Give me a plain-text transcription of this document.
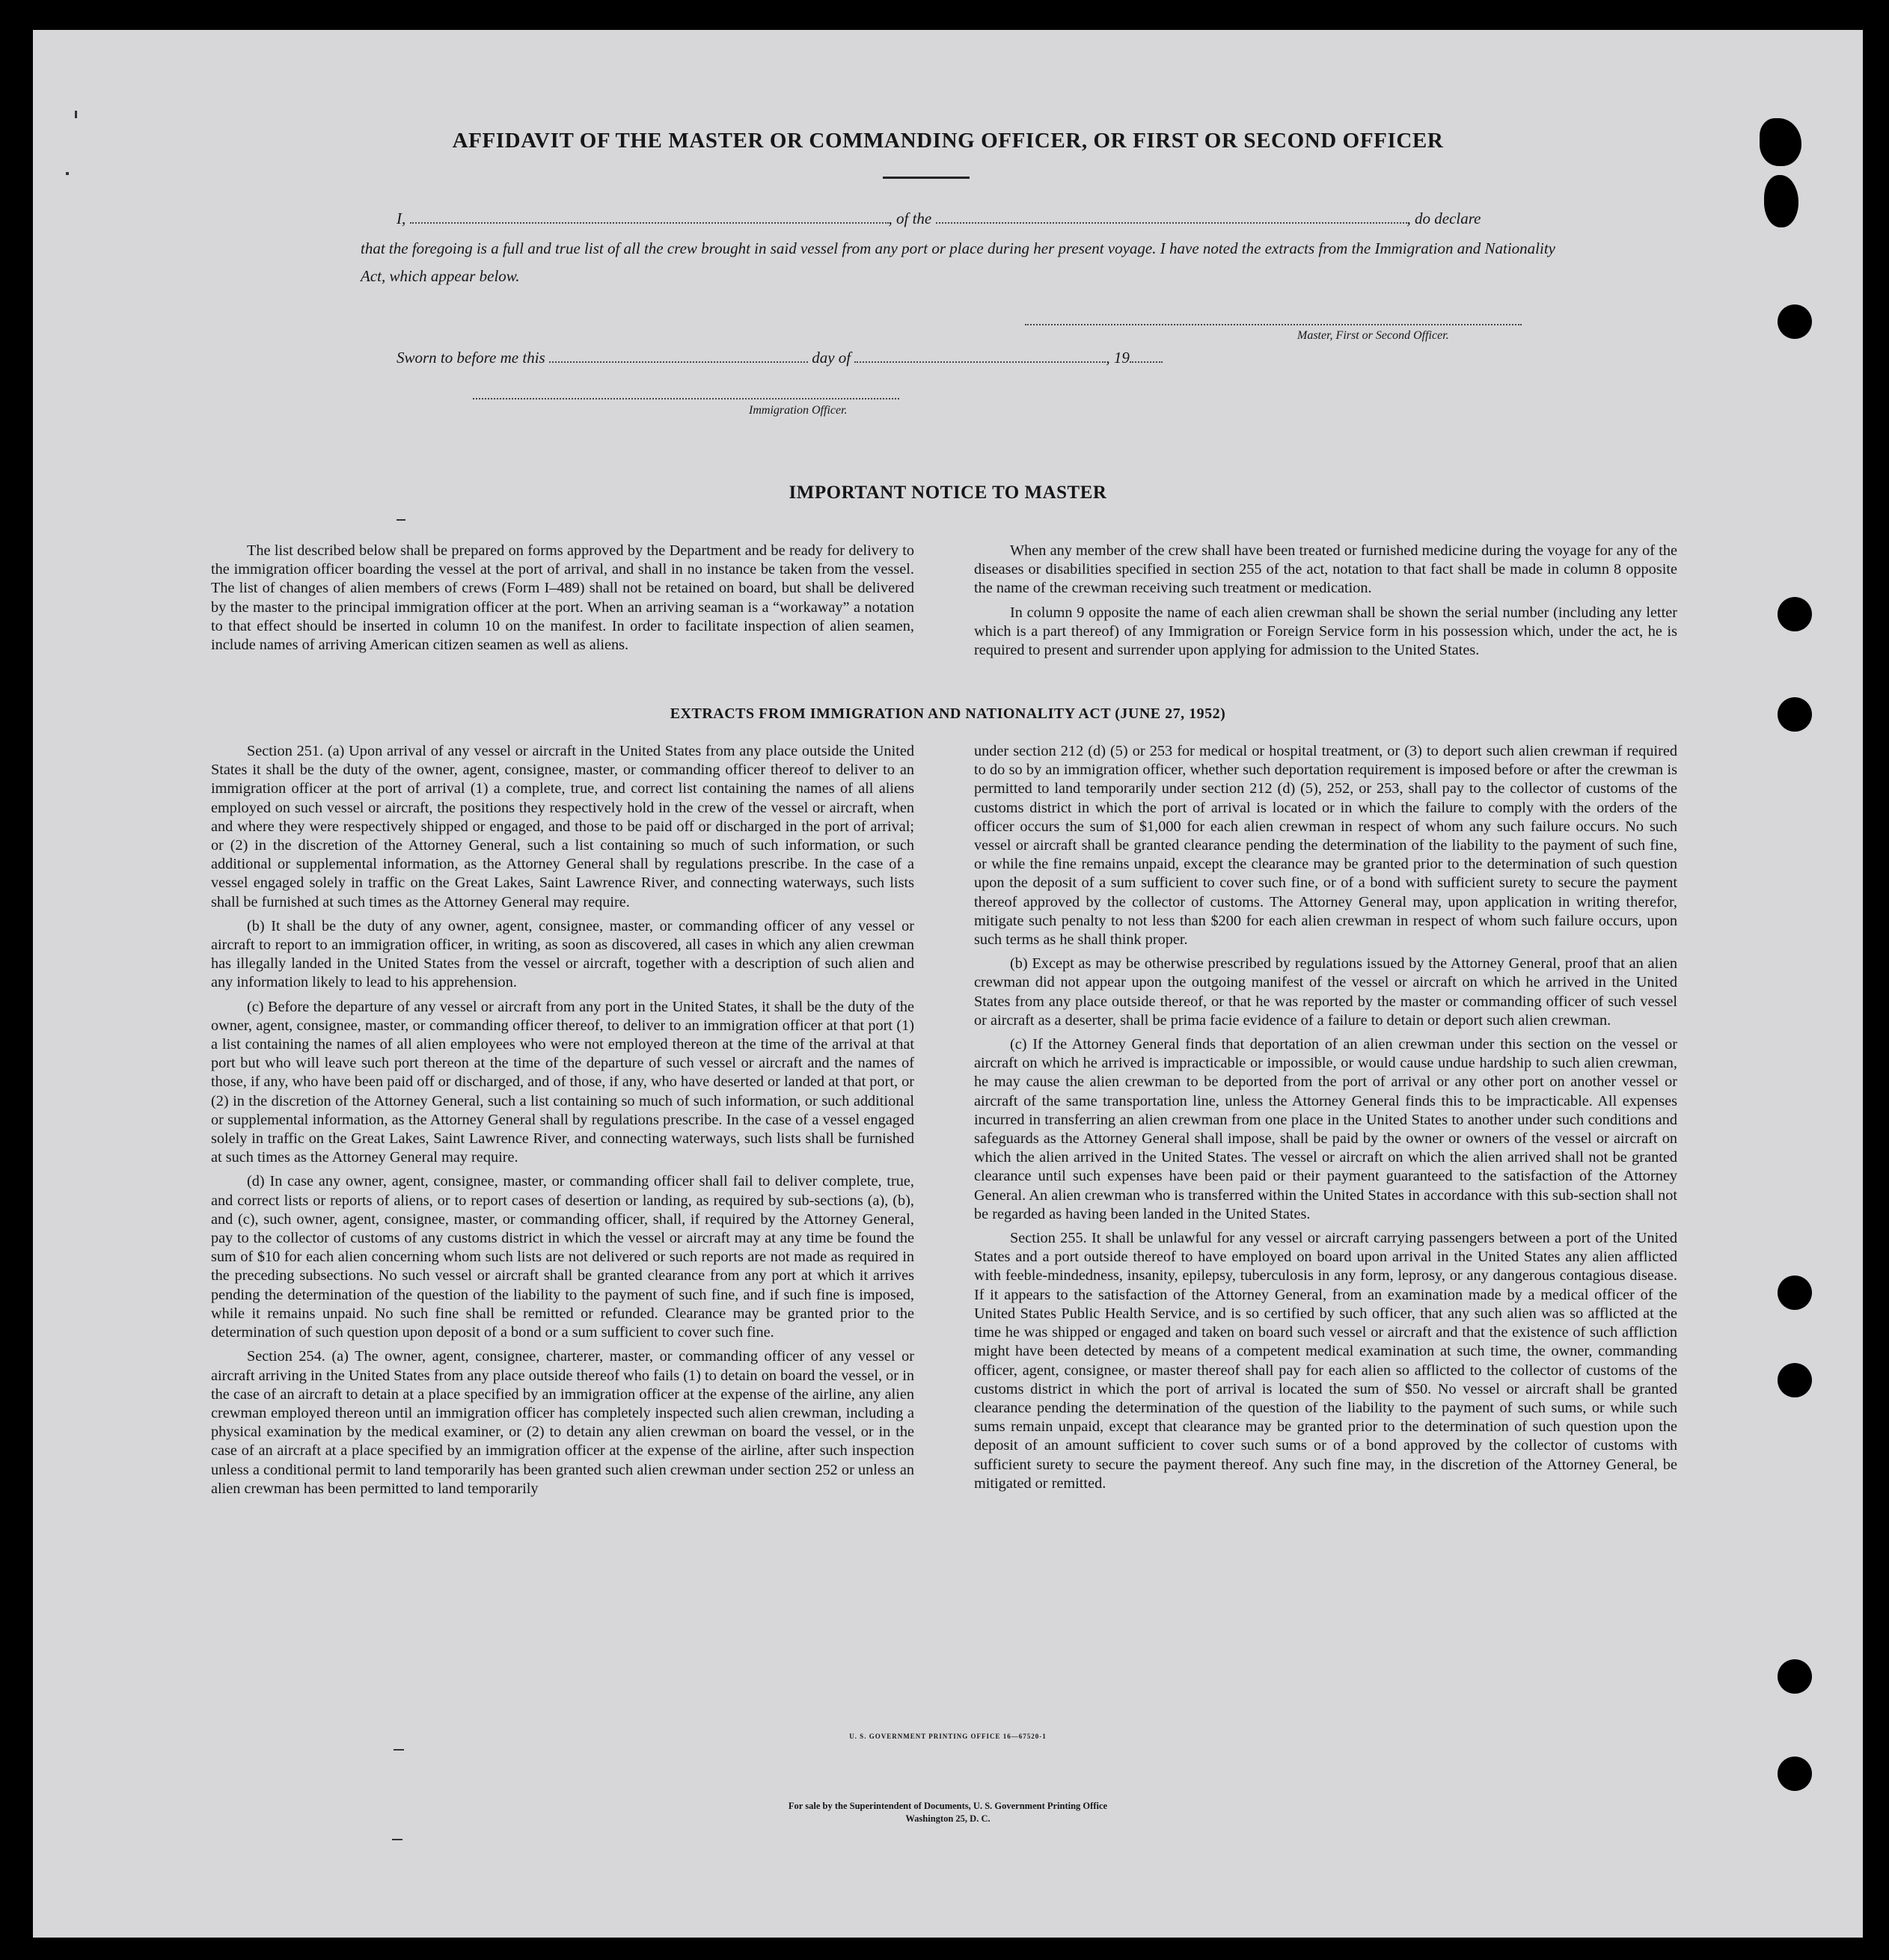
AFFIDAVIT OF THE MASTER OR COMMANDING OFFICER, OR FIRST OR SECOND OFFICER
I,	, of the	, do declare
that the foregoing is a full and true list of all the crew brought in said vessel from any port or place during her present voyage. I have noted the extracts from the Immigration and Nationality Act, which appear below.
Master, First or Second Officer.
Sworn to before me this	day of	, 19
Immigration Officer.
IMPORTANT NOTICE TO MASTER

The list described below shall be prepared on forms approved by the Department and be ready for delivery to the immigration officer boarding the vessel at the port of arrival, and shall in no instance be taken from the vessel. The list of changes of alien members of crews (Form I–489) shall not be retained on board, but shall be delivered by the master to the principal immigration officer at the port. When an arriving seaman is a “workaway” a notation to that effect should be inserted in column 10 on the manifest. In order to facilitate inspection of alien seamen, include names of arriving American citizen seamen as well as aliens.

When any member of the crew shall have been treated or furnished medicine during the voyage for any of the diseases or disabilities specified in section 255 of the act, notation to that fact shall be made in column 8 opposite the name of the crewman receiving such treatment or medication.

In column 9 opposite the name of each alien crewman shall be shown the serial number (including any letter which is a part thereof) of any Immigration or Foreign Service form in his possession which, under the act, he is required to present and surrender upon applying for admission to the United States.

EXTRACTS FROM IMMIGRATION AND NATIONALITY ACT (JUNE 27, 1952)

Section 251. (a) Upon arrival of any vessel or aircraft in the United States from any place outside the United States it shall be the duty of the owner, agent, consignee, master, or commanding officer thereof to deliver to an immigration officer at the port of arrival (1) a complete, true, and correct list containing the names of all aliens employed on such vessel or aircraft, the positions they respectively hold in the crew of the vessel or aircraft, when and where they were respectively shipped or engaged, and those to be paid off or discharged in the port of arrival; or (2) in the discretion of the Attorney General, such a list containing so much of such information, or such additional or supplemental information, as the Attorney General shall by regulations prescribe. In the case of a vessel engaged solely in traffic on the Great Lakes, Saint Lawrence River, and connecting waterways, such lists shall be furnished at such times as the Attorney General may require.

(b) It shall be the duty of any owner, agent, consignee, master, or commanding officer of any vessel or aircraft to report to an immigration officer, in writing, as soon as discovered, all cases in which any alien crewman has illegally landed in the United States from the vessel or aircraft, together with a description of such alien and any information likely to lead to his apprehension.

(c) Before the departure of any vessel or aircraft from any port in the United States, it shall be the duty of the owner, agent, consignee, master, or commanding officer thereof, to deliver to an immigration officer at that port (1) a list containing the names of all alien employees who were not employed thereon at the time of the arrival at that port but who will leave such port thereon at the time of the departure of such vessel or aircraft and the names of those, if any, who have been paid off or discharged, and of those, if any, who have deserted or landed at that port, or (2) in the discretion of the Attorney General, such a list containing so much of such information, or such additional or supplemental information, as the Attorney General shall by regulations prescribe. In the case of a vessel engaged solely in traffic on the Great Lakes, Saint Lawrence River, and connecting waterways, such lists shall be furnished at such times as the Attorney General may require.

(d) In case any owner, agent, consignee, master, or commanding officer shall fail to deliver complete, true, and correct lists or reports of aliens, or to report cases of desertion or landing, as required by sub-sections (a), (b), and (c), such owner, agent, consignee, master, or commanding officer, shall, if required by the Attorney General, pay to the collector of customs of any customs district in which the vessel or aircraft may at any time be found the sum of $10 for each alien concerning whom such lists are not delivered or such reports are not made as required in the preceding subsections. No such vessel or aircraft shall be granted clearance from any port at which it arrives pending the determination of the question of the liability to the payment of such fine, and if such fine is imposed, while it remains unpaid. No such fine shall be remitted or refunded. Clearance may be granted prior to the determination of such question upon deposit of a bond or a sum sufficient to cover such fine.

Section 254. (a) The owner, agent, consignee, charterer, master, or commanding officer of any vessel or aircraft arriving in the United States from any place outside thereof who fails (1) to detain on board the vessel, or in the case of an aircraft to detain at a place specified by an immigration officer at the expense of the airline, any alien crewman employed thereon until an immigration officer has completely inspected such alien crewman, including a physical examination by the medical examiner, or (2) to detain any alien crewman on board the vessel, or in the case of an aircraft at a place specified by an immigration officer at the expense of the airline, after such inspection unless a conditional permit to land temporarily has been granted such alien crewman under section 252 or unless an alien crewman has been permitted to land temporarily

under section 212 (d) (5) or 253 for medical or hospital treatment, or (3) to deport such alien crewman if required to do so by an immigration officer, whether such deportation requirement is imposed before or after the crewman is permitted to land temporarily under section 212 (d) (5), 252, or 253, shall pay to the collector of customs of the customs district in which the port of arrival is located or in which the failure to comply with the orders of the officer occurs the sum of $1,000 for each alien crewman in respect of whom any such failure occurs. No such vessel or aircraft shall be granted clearance pending the determination of the liability to the payment of such fine, or while the fine remains unpaid, except the clearance may be granted prior to the determination of such question upon the deposit of a sum sufficient to cover such fine, or of a bond with sufficient surety to secure the payment thereof approved by the collector of customs. The Attorney General may, upon application in writing therefor, mitigate such penalty to not less than $200 for each alien crewman in respect of whom such failure occurs, upon such terms as he shall think proper.

(b) Except as may be otherwise prescribed by regulations issued by the Attorney General, proof that an alien crewman did not appear upon the outgoing manifest of the vessel or aircraft on which he arrived in the United States from any place outside thereof, or that he was reported by the master or commanding officer of such vessel or aircraft as a deserter, shall be prima facie evidence of a failure to detain or deport such alien crewman.

(c) If the Attorney General finds that deportation of an alien crewman under this section on the vessel or aircraft on which he arrived is impracticable or impossible, or would cause undue hardship to such alien crewman, he may cause the alien crewman to be deported from the port of arrival or any other port on another vessel or aircraft of the same transportation line, unless the Attorney General finds this to be impracticable. All expenses incurred in transferring an alien crewman from one place in the United States to another under such conditions and safeguards as the Attorney General shall impose, shall be paid by the owner or owners of the vessel or aircraft on which the alien arrived in the United States. The vessel or aircraft on which the alien arrived shall not be granted clearance until such expenses have been paid or their payment guaranteed to the satisfaction of the Attorney General. An alien crewman who is transferred within the United States in accordance with this sub-section shall not be regarded as having been landed in the United States.

Section 255. It shall be unlawful for any vessel or aircraft carrying passengers between a port of the United States and a port outside thereof to have employed on board upon arrival in the United States any alien afflicted with feeble-mindedness, insanity, epilepsy, tuberculosis in any form, leprosy, or any dangerous contagious disease. If it appears to the satisfaction of the Attorney General, from an examination made by a medical officer of the United States Public Health Service, and is so certified by such officer, that any such alien was so afflicted at the time he was shipped or engaged and taken on board such vessel or aircraft and that the existence of such affliction might have been detected by means of a competent medical examination at such time, the owner, commanding officer, agent, consignee, or master thereof shall pay for each alien so afflicted to the collector of customs of the customs district in which the port of arrival is located the sum of $50. No vessel or aircraft shall be granted clearance pending the determination of the question of the liability to the payment of such sums, or while such sums remain unpaid, except that clearance may be granted prior to the determination of such question upon the deposit of an amount sufficient to cover such sums or of a bond approved by the collector of customs with sufficient surety to secure the payment thereof. Any such fine may, in the discretion of the Attorney General, be mitigated or remitted.

U. S. GOVERNMENT PRINTING OFFICE 16—67520-1
For sale by the Superintendent of Documents, U. S. Government Printing Office
Washington 25, D. C.
